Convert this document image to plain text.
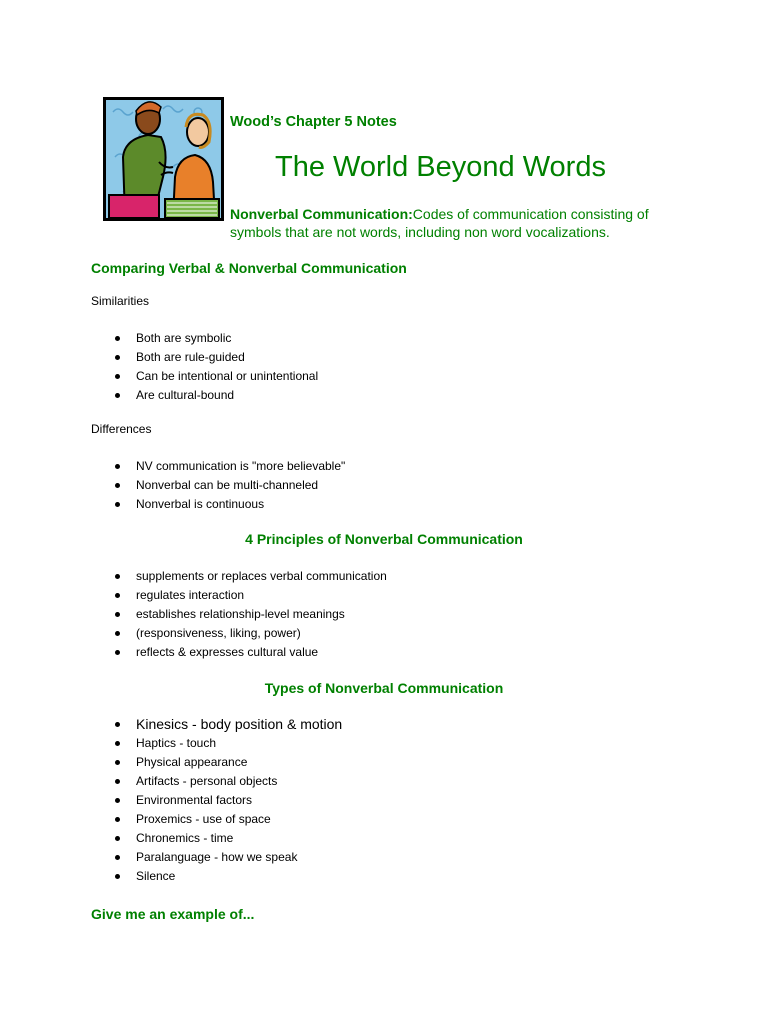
Wood’s Chapter 5 Notes
The World Beyond Words
Nonverbal Communication:Codes of communication consisting of symbols that are not words, including non word vocalizations.
Comparing Verbal & Nonverbal Communication
Similarities
Both are symbolic
Both are rule-guided
Can be intentional or unintentional
Are cultural-bound
Differences
NV communication is "more believable"
Nonverbal can be multi-channeled
Nonverbal is continuous
4 Principles of Nonverbal Communication
supplements or replaces verbal communication
regulates interaction
establishes relationship-level meanings
(responsiveness, liking, power)
reflects & expresses cultural value
Types of Nonverbal Communication
Kinesics - body position & motion
Haptics - touch
Physical appearance
Artifacts - personal objects
Environmental factors
Proxemics - use of space
Chronemics - time
Paralanguage - how we speak
Silence
Give me an example of...
